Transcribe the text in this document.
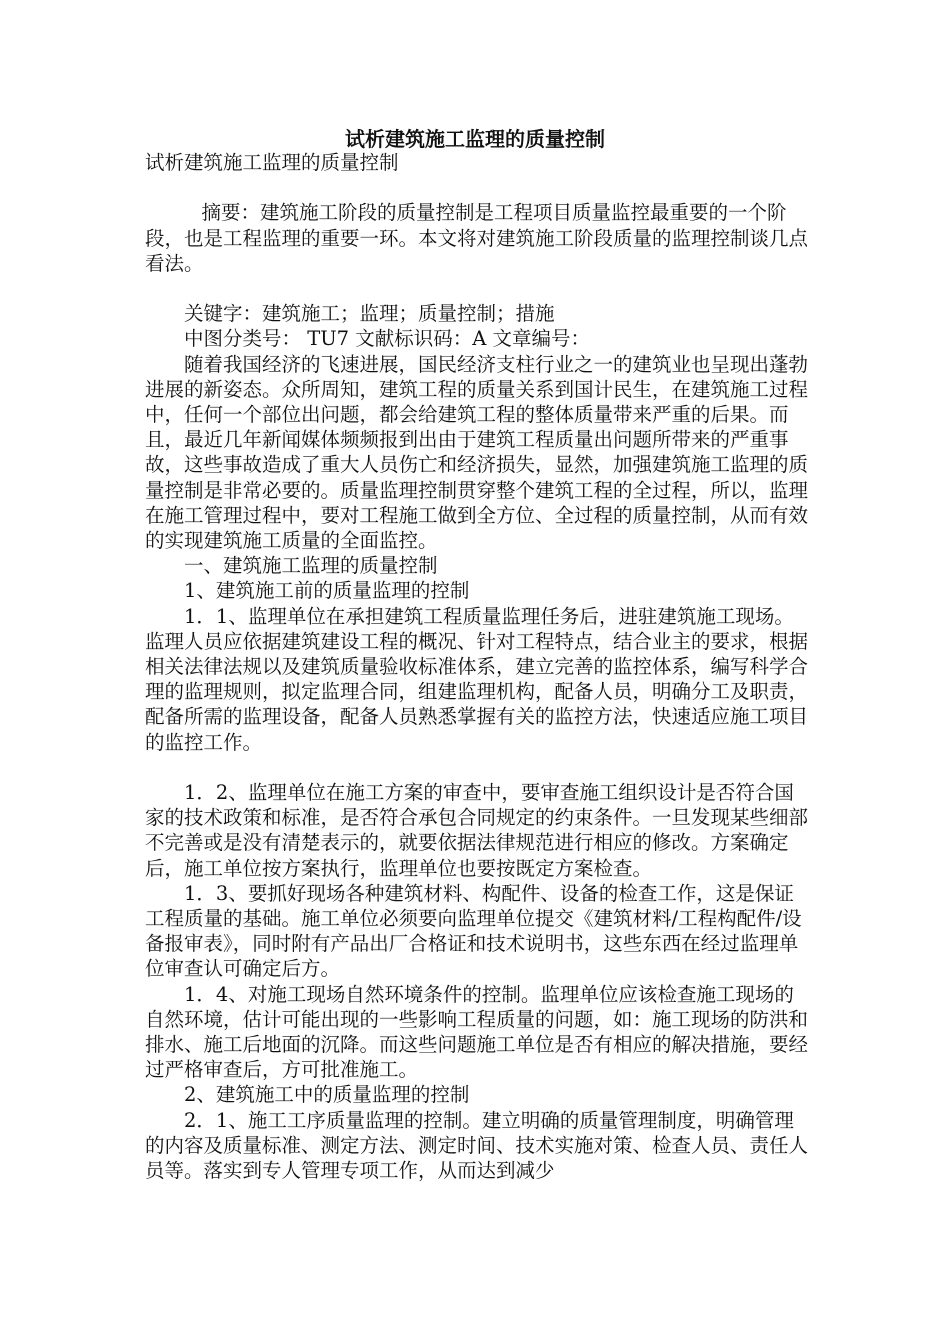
试析建筑施工监理的质量控制

试析建筑施工监理的质量控制

摘要：建筑施工阶段的质量控制是工程项目质量监控最重要的一个阶段，也是工程监理的重要一环。本文将对建筑施工阶段质量的监理控制谈几点看法。

关键字：建筑施工；监理；质量控制；措施

中图分类号： TU7 文献标识码：A 文章编号：

随着我国经济的飞速进展，国民经济支柱行业之一的建筑业也呈现出蓬勃进展的新姿态。众所周知，建筑工程的质量关系到国计民生，在建筑施工过程中，任何一个部位出问题，都会给建筑工程的整体质量带来严重的后果。而且，最近几年新闻媒体频频报到出由于建筑工程质量出问题所带来的严重事故，这些事故造成了重大人员伤亡和经济损失，显然，加强建筑施工监理的质量控制是非常必要的。质量监理控制贯穿整个建筑工程的全过程，所以，监理在施工管理过程中，要对工程施工做到全方位、全过程的质量控制，从而有效的实现建筑施工质量的全面监控。

一、建筑施工监理的质量控制

1、建筑施工前的质量监理的控制

1．1、监理单位在承担建筑工程质量监理任务后，进驻建筑施工现场。监理人员应依据建筑建设工程的概况、针对工程特点，结合业主的要求，根据相关法律法规以及建筑质量验收标准体系，建立完善的监控体系，编写科学合理的监理规则，拟定监理合同，组建监理机构，配备人员，明确分工及职责，配备所需的监理设备，配备人员熟悉掌握有关的监控方法，快速适应施工项目的监控工作。

1．2、监理单位在施工方案的审查中，要审查施工组织设计是否符合国家的技术政策和标准，是否符合承包合同规定的约束条件。一旦发现某些细部不完善或是没有清楚表示的，就要依据法律规范进行相应的修改。方案确定后，施工单位按方案执行，监理单位也要按既定方案检查。

1．3、要抓好现场各种建筑材料、构配件、设备的检查工作，这是保证工程质量的基础。施工单位必须要向监理单位提交《建筑材料/工程构配件/设备报审表》，同时附有产品出厂合格证和技术说明书，这些东西在经过监理单位审查认可确定后方。

1．4、对施工现场自然环境条件的控制。监理单位应该检查施工现场的自然环境，估计可能出现的一些影响工程质量的问题，如：施工现场的防洪和排水、施工后地面的沉降。而这些问题施工单位是否有相应的解决措施，要经过严格审查后，方可批准施工。

2、建筑施工中的质量监理的控制

2．1、施工工序质量监理的控制。建立明确的质量管理制度，明确管理的内容及质量标准、测定方法、测定时间、技术实施对策、检查人员、责任人员等。落实到专人管理专项工作，从而达到减少
